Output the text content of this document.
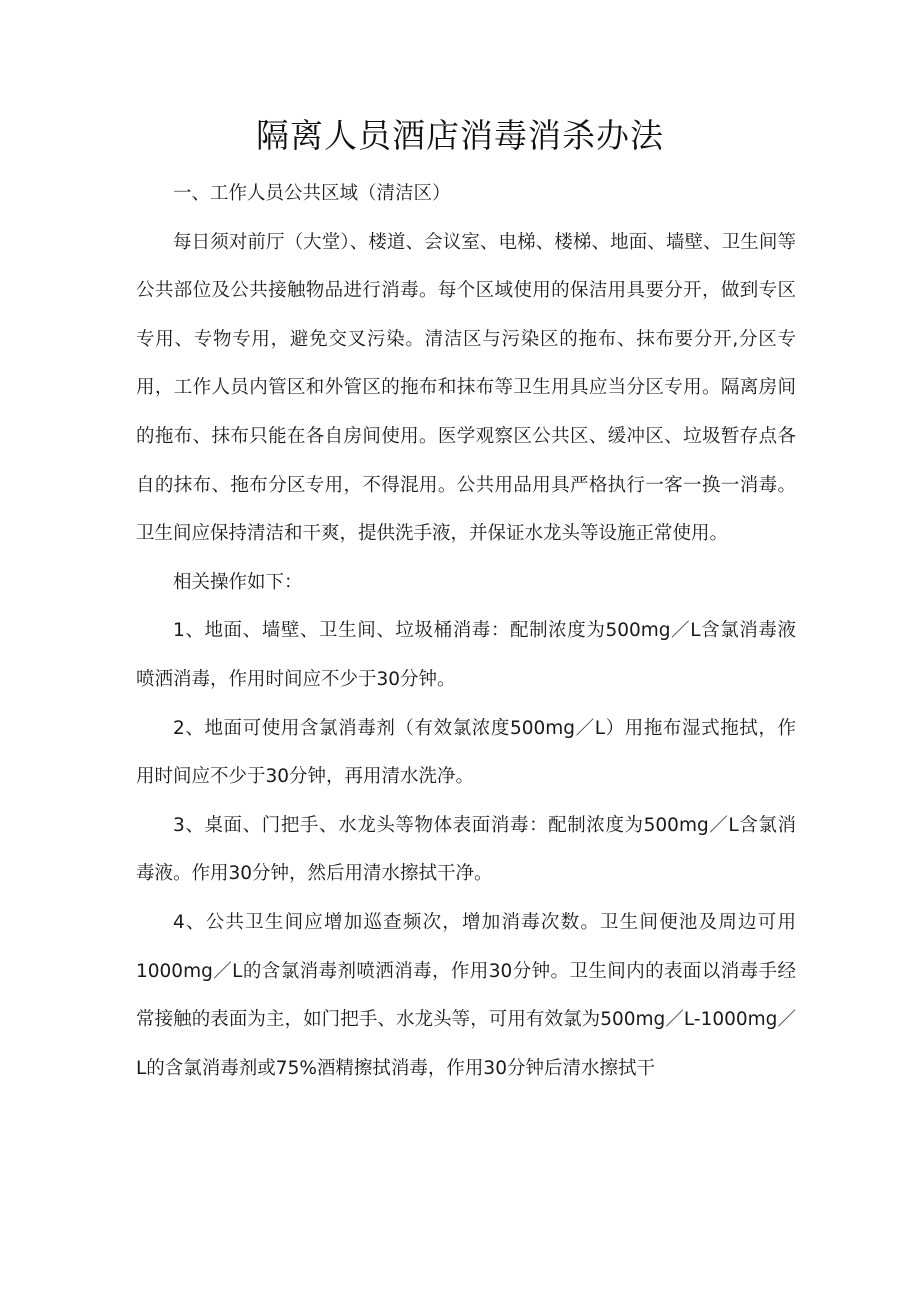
隔离人员酒店消毒消杀办法

一、工作人员公共区域（清洁区）

每日须对前厅（大堂）、楼道、会议室、电梯、楼梯、地面、墙壁、卫生间等公共部位及公共接触物品进行消毒。每个区域使用的保洁用具要分开，做到专区专用、专物专用，避免交叉污染。清洁区与污染区的拖布、抹布要分开,分区专用，工作人员内管区和外管区的拖布和抹布等卫生用具应当分区专用。隔离房间的拖布、抹布只能在各自房间使用。医学观察区公共区、缓冲区、垃圾暂存点各自的抹布、拖布分区专用，不得混用。公共用品用具严格执行一客一换一消毒。卫生间应保持清洁和干爽，提供洗手液，并保证水龙头等设施正常使用。

相关操作如下：

1、地面、墙壁、卫生间、垃圾桶消毒：配制浓度为500mg／L含氯消毒液喷洒消毒，作用时间应不少于30分钟。

2、地面可使用含氯消毒剂（有效氯浓度500mg／L）用拖布湿式拖拭，作用时间应不少于30分钟，再用清水洗净。

3、桌面、门把手、水龙头等物体表面消毒：配制浓度为500mg／L含氯消毒液。作用30分钟，然后用清水擦拭干净。

4、公共卫生间应增加巡查频次，增加消毒次数。卫生间便池及周边可用1000mg／L的含氯消毒剂喷洒消毒，作用30分钟。卫生间内的表面以消毒手经常接触的表面为主，如门把手、水龙头等，可用有效氯为500mg／L-1000mg／L的含氯消毒剂或75%酒精擦拭消毒，作用30分钟后清水擦拭干
